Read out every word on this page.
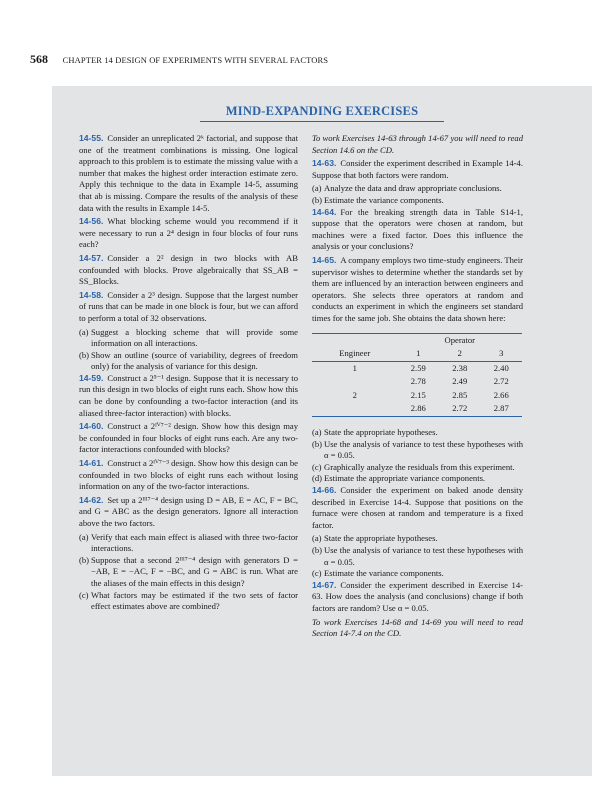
568 CHAPTER 14 DESIGN OF EXPERIMENTS WITH SEVERAL FACTORS
MIND-EXPANDING EXERCISES

14-55. Consider an unreplicated 2ᵏ factorial, and suppose that one of the treatment combinations is missing. One logical approach to this problem is to estimate the missing value with a number that makes the highest order interaction estimate zero. Apply this technique to the data in Example 14-5, assuming that ab is missing. Compare the results of the analysis of these data with the results in Example 14-5.

14-56. What blocking scheme would you recommend if it were necessary to run a 2⁴ design in four blocks of four runs each?

14-57. Consider a 2² design in two blocks with AB confounded with blocks. Prove algebraically that SS_AB = SS_Blocks.

14-58. Consider a 2³ design. Suppose that the largest number of runs that can be made in one block is four, but we can afford to perform a total of 32 observations.

(a) Suggest a blocking scheme that will provide some information on all interactions.
(b) Show an outline (source of variability, degrees of freedom only) for the analysis of variance for this design.

14-59. Construct a 2⁵⁻¹ design. Suppose that it is necessary to run this design in two blocks of eight runs each. Show how this can be done by confounding a two-factor interaction (and its aliased three-factor interaction) with blocks.

14-60. Construct a 2ᴵⱽ⁷⁻² design. Show how this design may be confounded in four blocks of eight runs each. Are any two-factor interactions confounded with blocks?

14-61. Construct a 2ᴵⱽ⁷⁻³ design. Show how this design can be confounded in two blocks of eight runs each without losing information on any of the two-factor interactions.

14-62. Set up a 2ᴵᴵᴵ⁷⁻⁴ design using D = AB, E = AC, F = BC, and G = ABC as the design generators. Ignore all interaction above the two factors.

(a) Verify that each main effect is aliased with three two-factor interactions.
(b) Suppose that a second 2ᴵᴵᴵ⁷⁻⁴ design with generators D = −AB, E = −AC, F = −BC, and G = ABC is run. What are the aliases of the main effects in this design?
(c) What factors may be estimated if the two sets of factor effect estimates above are combined?

To work Exercises 14-63 through 14-67 you will need to read Section 14.6 on the CD.

14-63. Consider the experiment described in Example 14-4. Suppose that both factors were random.

(a) Analyze the data and draw appropriate conclusions.
(b) Estimate the variance components.

14-64. For the breaking strength data in Table S14-1, suppose that the operators were chosen at random, but machines were a fixed factor. Does this influence the analysis or your conclusions?

14-65. A company employs two time-study engineers. Their supervisor wishes to determine whether the standards set by them are influenced by an interaction between engineers and operators. She selects three operators at random and conducts an experiment in which the engineers set standard times for the same job. She obtains the data shown here:

	Operator		
Engineer	1	2	3
1	2.59	2.38	2.40
	2.78	2.49	2.72
2	2.15	2.85	2.66
	2.86	2.72	2.87
(a) State the appropriate hypotheses.
(b) Use the analysis of variance to test these hypotheses with α = 0.05.
(c) Graphically analyze the residuals from this experiment.
(d) Estimate the appropriate variance components.

14-66. Consider the experiment on baked anode density described in Exercise 14-4. Suppose that positions on the furnace were chosen at random and temperature is a fixed factor.

(a) State the appropriate hypotheses.
(b) Use the analysis of variance to test these hypotheses with α = 0.05.
(c) Estimate the variance components.

14-67. Consider the experiment described in Exercise 14-63. How does the analysis (and conclusions) change if both factors are random? Use α = 0.05.

To work Exercises 14-68 and 14-69 you will need to read Section 14-7.4 on the CD.
